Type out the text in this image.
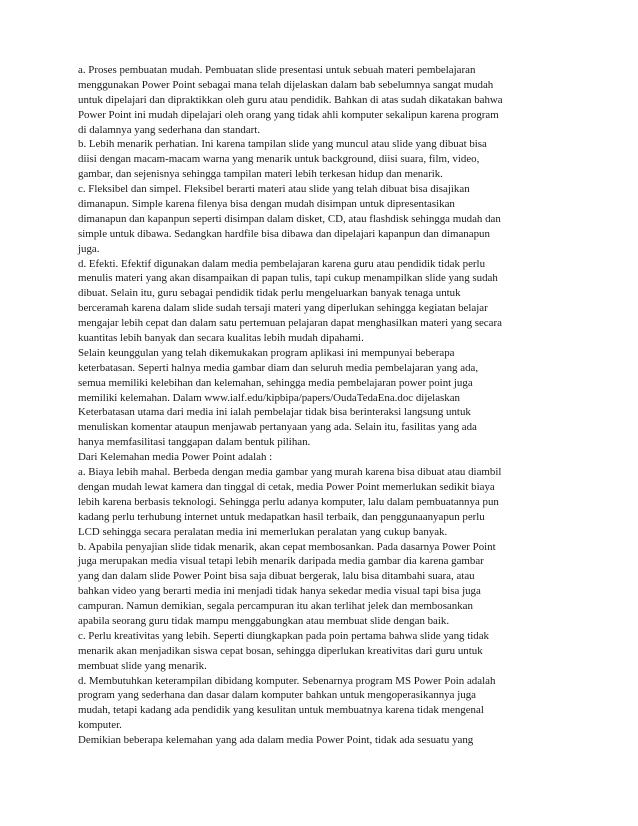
a. Proses pembuatan mudah. Pembuatan slide presentasi untuk sebuah materi pembelajaran
menggunakan Power Point sebagai mana telah dijelaskan dalam bab sebelumnya sangat mudah
untuk dipelajari dan dipraktikkan oleh guru atau pendidik. Bahkan di atas sudah dikatakan bahwa
Power Point ini mudah dipelajari oleh orang yang tidak ahli komputer sekalipun karena program
di dalamnya yang sederhana dan standart.
b. Lebih menarik perhatian. Ini karena tampilan slide yang muncul atau slide yang dibuat bisa
diisi dengan macam-macam warna yang menarik untuk background, diisi suara, film, video,
gambar, dan sejenisnya sehingga tampilan materi lebih terkesan hidup dan menarik.
c. Fleksibel dan simpel. Fleksibel berarti materi atau slide yang telah dibuat bisa disajikan
dimanapun. Simple karena filenya bisa dengan mudah disimpan untuk dipresentasikan
dimanapun dan kapanpun seperti disimpan dalam disket, CD, atau flashdisk sehingga mudah dan
simple untuk dibawa. Sedangkan hardfile bisa dibawa dan dipelajari kapanpun dan dimanapun
juga.
d. Efekti. Efektif digunakan dalam media pembelajaran karena guru atau pendidik tidak perlu
menulis materi yang akan disampaikan di papan tulis, tapi cukup menampilkan slide yang sudah
dibuat. Selain itu, guru sebagai pendidik tidak perlu mengeluarkan banyak tenaga untuk
berceramah karena dalam slide sudah tersaji materi yang diperlukan sehingga kegiatan belajar
mengajar lebih cepat dan dalam satu pertemuan pelajaran dapat menghasilkan materi yang secara
kuantitas lebih banyak dan secara kualitas lebih mudah dipahami.
Selain keunggulan yang telah dikemukakan program aplikasi ini mempunyai beberapa
keterbatasan. Seperti halnya media gambar diam dan seluruh media pembelajaran yang ada,
semua memiliki kelebihan dan kelemahan, sehingga media pembelajaran power point juga
memiliki kelemahan. Dalam www.ialf.edu/kipbipa/papers/OudaTedaEna.doc dijelaskan
Keterbatasan utama dari media ini ialah pembelajar tidak bisa berinteraksi langsung untuk
menuliskan komentar ataupun menjawab pertanyaan yang ada. Selain itu, fasilitas yang ada
hanya memfasilitasi tanggapan dalam bentuk pilihan.
Dari Kelemahan media Power Point adalah :
a. Biaya lebih mahal. Berbeda dengan media gambar yang murah karena bisa dibuat atau diambil
dengan mudah lewat kamera dan tinggal di cetak, media Power Point memerlukan sedikit biaya
lebih karena berbasis teknologi. Sehingga perlu adanya komputer, lalu dalam pembuatannya pun
kadang perlu terhubung internet untuk medapatkan hasil terbaik, dan penggunaanyapun perlu
LCD sehingga secara peralatan media ini memerlukan peralatan yang cukup banyak.
b. Apabila penyajian slide tidak menarik, akan cepat membosankan. Pada dasarnya Power Point
juga merupakan media visual tetapi lebih menarik daripada media gambar dia karena gambar
yang dan dalam slide Power Point bisa saja dibuat bergerak, lalu bisa ditambahi suara, atau
bahkan video yang berarti media ini menjadi tidak hanya sekedar media visual tapi bisa juga
campuran. Namun demikian, segala percampuran itu akan terlihat jelek dan membosankan
apabila seorang guru tidak mampu menggabungkan atau membuat slide dengan baik.
c. Perlu kreativitas yang lebih. Seperti diungkapkan pada poin pertama bahwa slide yang tidak
menarik akan menjadikan siswa cepat bosan, sehingga diperlukan kreativitas dari guru untuk
membuat slide yang menarik.
d. Membutuhkan keterampilan dibidang komputer. Sebenarnya program MS Power Poin adalah
program yang sederhana dan dasar dalam komputer bahkan untuk mengoperasikannya juga
mudah, tetapi kadang ada pendidik yang kesulitan untuk membuatnya karena tidak mengenal
komputer.
Demikian beberapa kelemahan yang ada dalam media Power Point, tidak ada sesuatu yang
